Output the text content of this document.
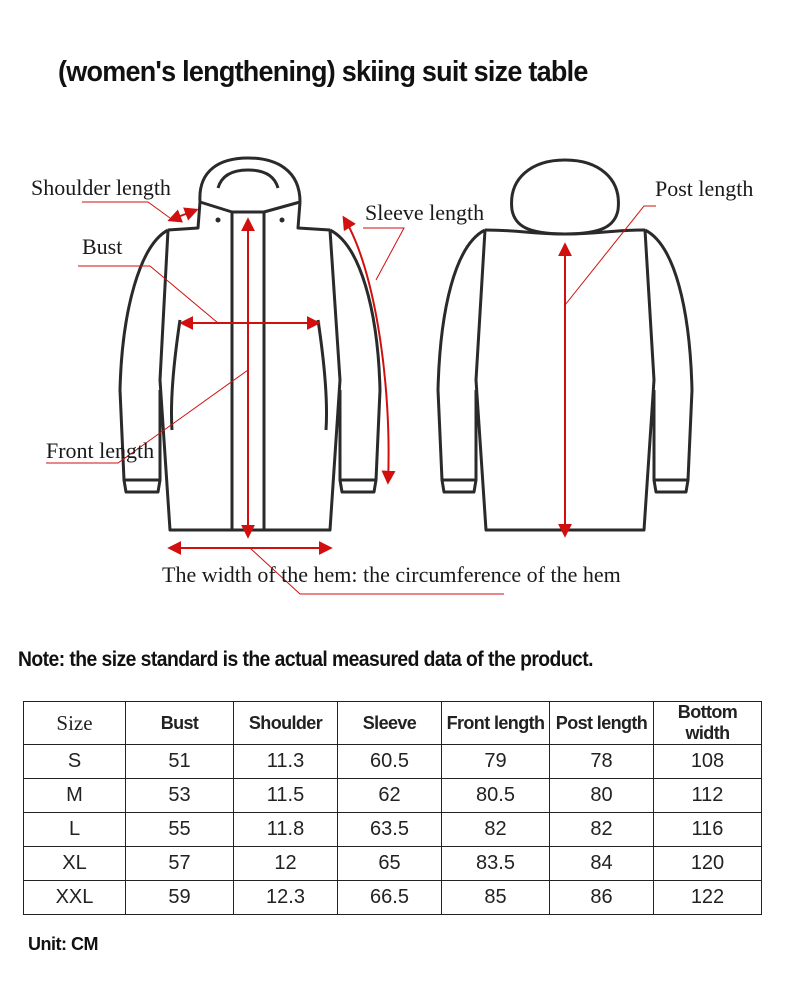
(women's lengthening) skiing suit size table
Shoulder length
Bust
Sleeve length
Post length
Front length
The width of the hem: the circumference of the hem
Note: the size standard is the actual measured data of the product.
Size	Bust	Shoulder	Sleeve	Front length	Post length	Bottom width
S	51	11.3	60.5	79	78	108
M	53	11.5	62	80.5	80	112
L	55	11.8	63.5	82	82	116
XL	57	12	65	83.5	84	120
XXL	59	12.3	66.5	85	86	122
Unit: CM
